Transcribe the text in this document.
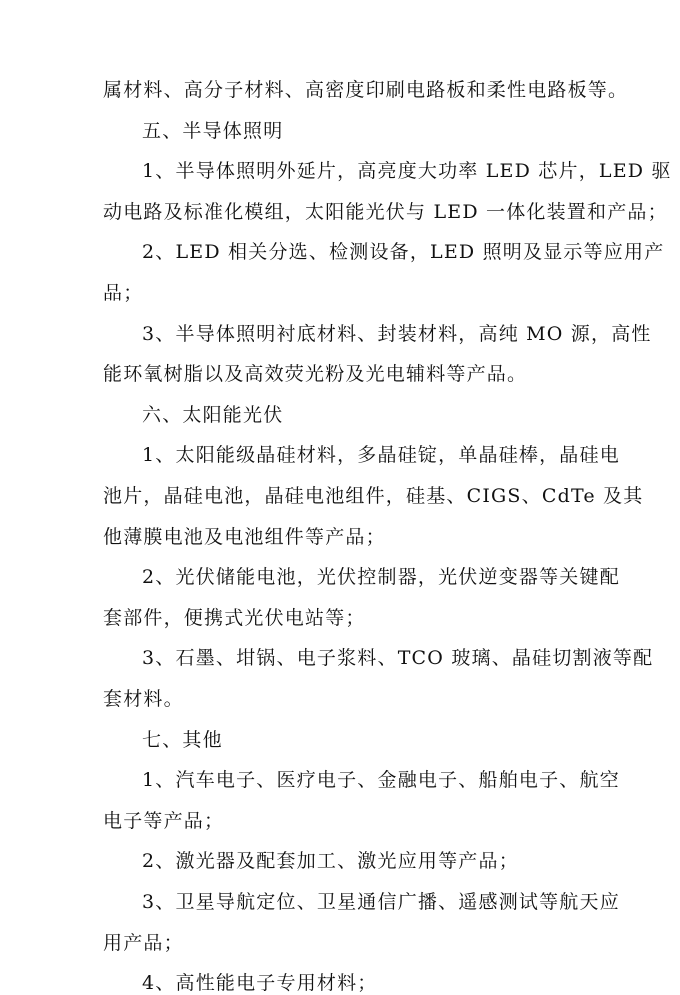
属材料、高分子材料、高密度印刷电路板和柔性电路板等。
五、半导体照明
1、半导体照明外延片，高亮度大功率 LED 芯片，LED 驱
动电路及标准化模组，太阳能光伏与 LED 一体化装置和产品；
2、LED 相关分选、检测设备，LED 照明及显示等应用产
品；
3、半导体照明衬底材料、封装材料，高纯 MO 源，高性
能环氧树脂以及高效荧光粉及光电辅料等产品。
六、太阳能光伏
1、太阳能级晶硅材料，多晶硅锭，单晶硅棒，晶硅电
池片，晶硅电池，晶硅电池组件，硅基、CIGS、CdTe 及其
他薄膜电池及电池组件等产品；
2、光伏储能电池，光伏控制器，光伏逆变器等关键配
套部件，便携式光伏电站等；
3、石墨、坩锅、电子浆料、TCO 玻璃、晶硅切割液等配
套材料。
七、其他
1、汽车电子、医疗电子、金融电子、船舶电子、航空
电子等产品；
2、激光器及配套加工、激光应用等产品；
3、卫星导航定位、卫星通信广播、遥感测试等航天应
用产品；
4、高性能电子专用材料；
